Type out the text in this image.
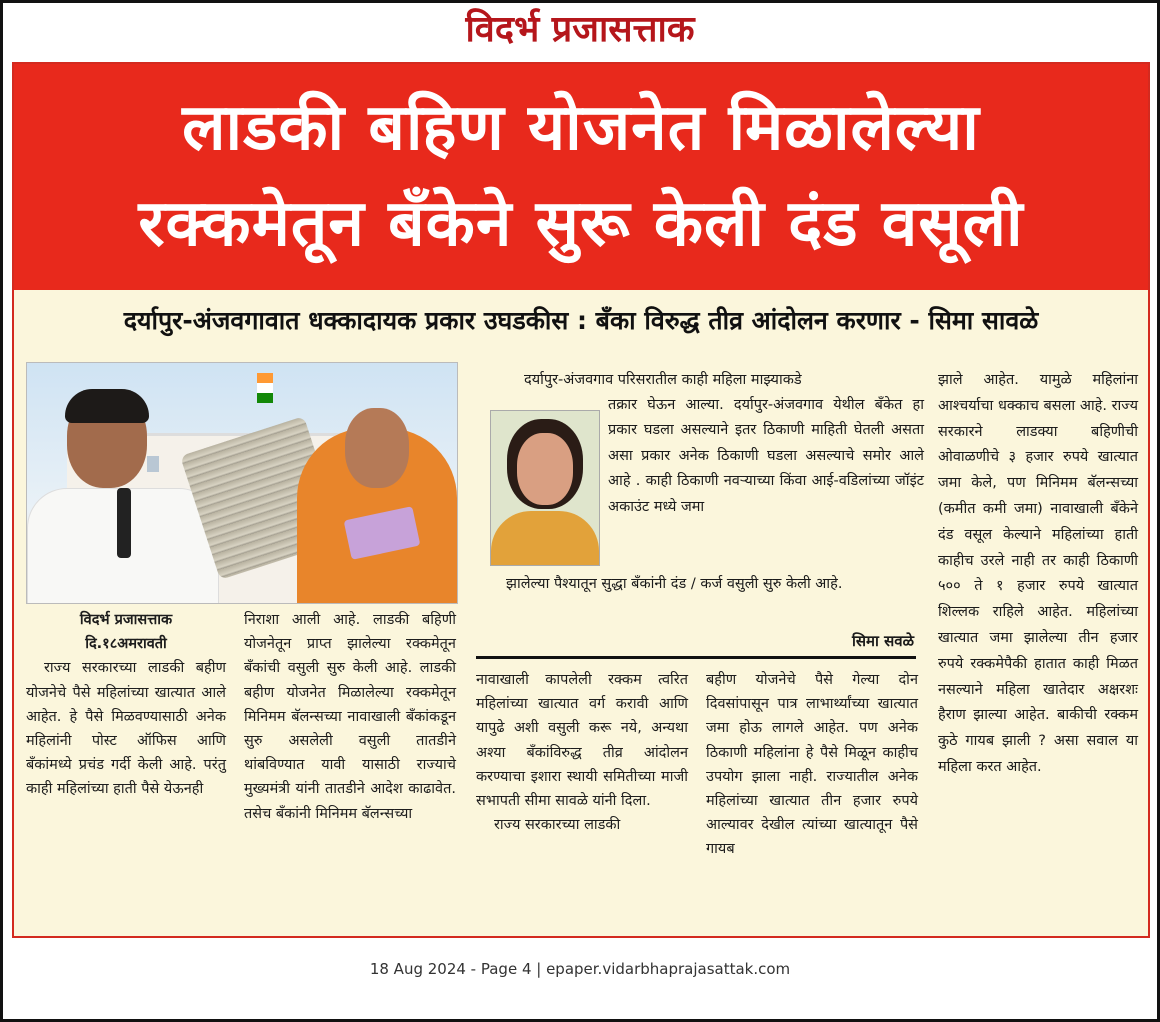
विदर्भ प्रजासत्ताक
लाडकी बहिण योजनेत मिळालेल्या
रक्कमेतून बँकेने सुरू केली दंड वसूली
दर्यापुर-अंजवगावात धक्कादायक प्रकार उघडकीस : बँका विरुद्ध तीव्र आंदोलन करणार - सिमा सावळे

दर्यापुर-अंजवगाव परिसरातील काही महिला माझ्याकडे

तक्रार घेऊन आल्या. दर्यापुर-अंजवगाव येथील बँकेत हा प्रकार घडला असल्याने इतर ठिकाणी माहिती घेतली असता असा प्रकार अनेक ठिकाणी घडला असल्याचे समोर आले आहे . काही ठिकाणी नवऱ्याच्या किंवा आई-वडिलांच्या जॉइंट अकाउंट मध्ये जमा

झालेल्या पैश्यातून सुद्धा बँकांनी दंड / कर्ज वसुली सुरु केली आहे.

सिमा सवळे

विदर्भ प्रजासत्ताक

दि.१८अमरावती

राज्य सरकारच्या लाडकी बहीण योजनेचे पैसे महिलांच्या खात्यात आले आहेत. हे पैसे मिळवण्यासाठी अनेक महिलांनी पोस्ट ऑफिस आणि बँकांमध्ये प्रचंड गर्दी केली आहे. परंतु काही महिलांच्या हाती पैसे येऊनही

निराशा आली आहे. लाडकी बहिणी योजनेतून प्राप्त झालेल्या रक्कमेतून बँकांची वसुली सुरु केली आहे. लाडकी बहीण योजनेत मिळालेल्या रक्कमेतून मिनिमम बॅलन्सच्या नावाखाली बँकांकडून सुरु असलेली वसुली तातडीने थांबविण्यात यावी यासाठी राज्याचे मुख्यमंत्री यांनी तातडीने आदेश काढावेत. तसेच बँकांनी मिनिमम बॅलन्सच्या

नावाखाली कापलेली रक्कम त्वरित महिलांच्या खात्यात वर्ग करावी आणि यापुढे अशी वसुली करू नये, अन्यथा अश्या बँकांविरुद्ध तीव्र आंदोलन करण्याचा इशारा स्थायी समितीच्या माजी सभापती सीमा सावळे यांनी दिला.

राज्य सरकारच्या लाडकी

बहीण योजनेचे पैसे गेल्या दोन दिवसांपासून पात्र लाभार्थ्यांच्या खात्यात जमा होऊ लागले आहेत. पण अनेक ठिकाणी महिलांना हे पैसे मिळून काहीच उपयोग झाला नाही. राज्यातील अनेक महिलांच्या खात्यात तीन हजार रुपये आल्यावर देखील त्यांच्या खात्यातून पैसे गायब

झाले आहेत. यामुळे महिलांना आश्चर्याचा धक्काच बसला आहे. राज्य सरकारने लाडक्या बहिणीची ओवाळणीचे ३ हजार रुपये खात्यात जमा केले, पण मिनिमम बॅलन्सच्या (कमीत कमी जमा) नावाखाली बँकेने दंड वसूल केल्याने महिलांच्या हाती काहीच उरले नाही तर काही ठिकाणी ५०० ते १ हजार रुपये खात्यात शिल्लक राहिले आहेत. महिलांच्या खात्यात जमा झालेल्या तीन हजार रुपये रक्कमेपैकी हातात काही मिळत नसल्याने महिला खातेदार अक्षरशः हैराण झाल्या आहेत. बाकीची रक्कम कुठे गायब झाली ? असा सवाल या महिला करत आहेत.

18 Aug 2024 - Page 4 | epaper.vidarbhaprajasattak.com
